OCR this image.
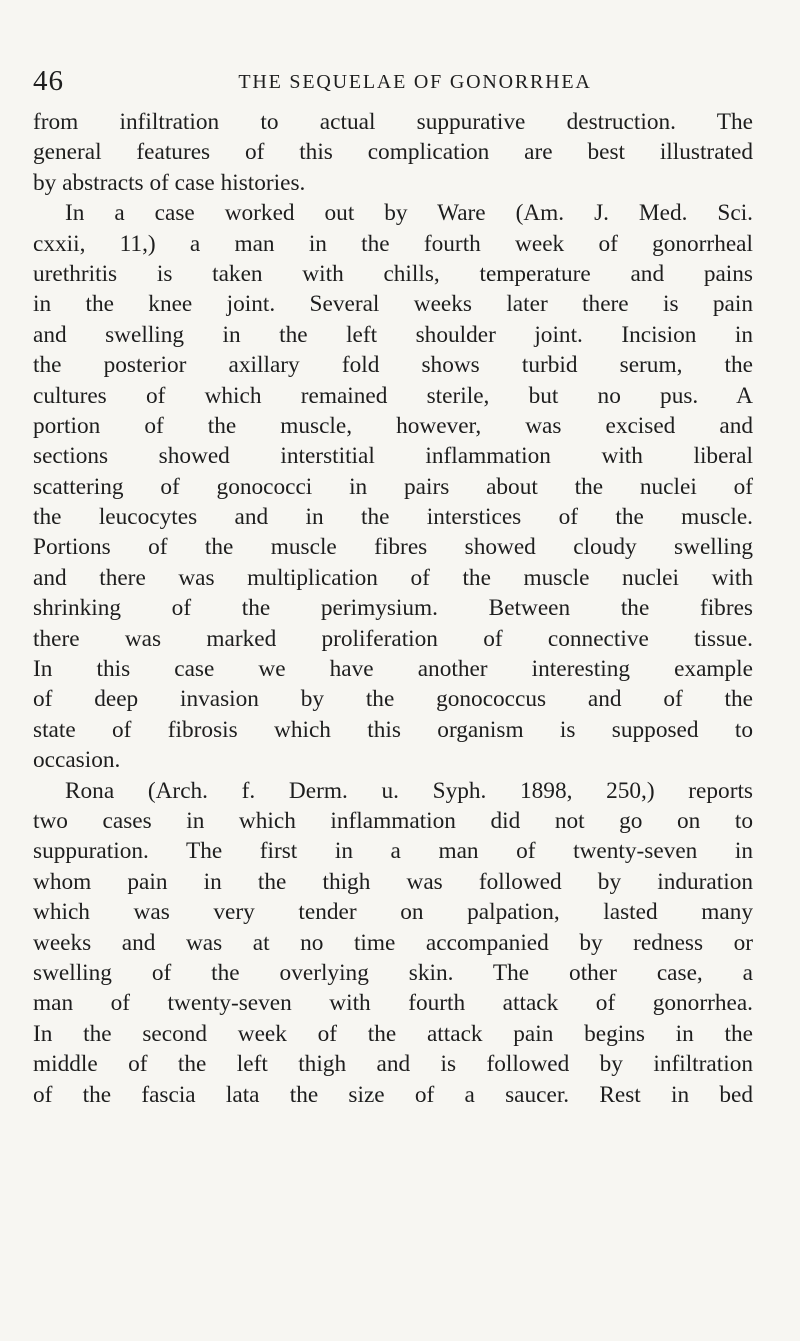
46	THE SEQUELAE OF GONORRHEA
from infiltration to actual suppurative destruction. The
general features of this complication are best illustrated
by abstracts of case histories.
In a case worked out by Ware (Am. J. Med. Sci.
cxxii, 11,) a man in the fourth week of gonorrheal
urethritis is taken with chills, temperature and pains
in the knee joint. Several weeks later there is pain
and swelling in the left shoulder joint. Incision in
the posterior axillary fold shows turbid serum, the
cultures of which remained sterile, but no pus. A
portion of the muscle, however, was excised and
sections showed interstitial inflammation with liberal
scattering of gonococci in pairs about the nuclei of
the leucocytes and in the interstices of the muscle.
Portions of the muscle fibres showed cloudy swelling
and there was multiplication of the muscle nuclei with
shrinking of the perimysium. Between the fibres
there was marked proliferation of connective tissue.
In this case we have another interesting example
of deep invasion by the gonococcus and of the
state of fibrosis which this organism is supposed to
occasion.
Rona (Arch. f. Derm. u. Syph. 1898, 250,) reports
two cases in which inflammation did not go on to
suppuration. The first in a man of twenty-seven in
whom pain in the thigh was followed by induration
which was very tender on palpation, lasted many
weeks and was at no time accompanied by redness or
swelling of the overlying skin. The other case, a
man of twenty-seven with fourth attack of gonorrhea.
In the second week of the attack pain begins in the
middle of the left thigh and is followed by infiltration
of the fascia lata the size of a saucer. Rest in bed
